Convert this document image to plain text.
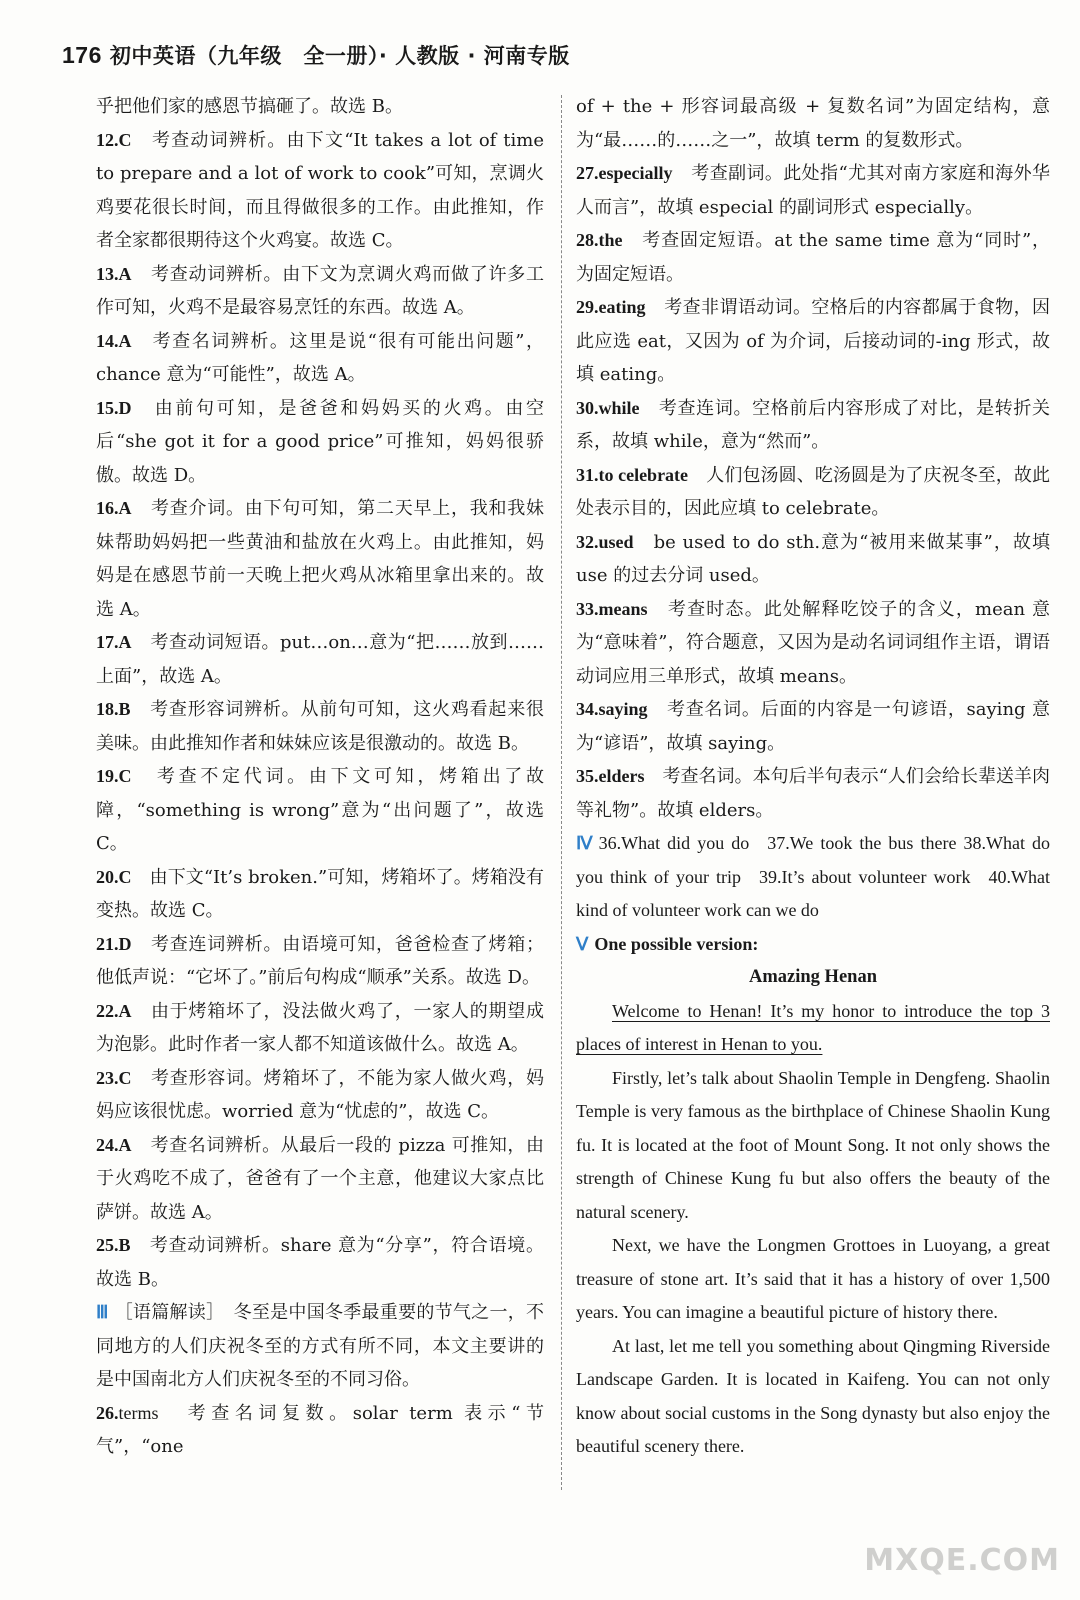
176 初中英语（九年级　全一册）· 人教版 · 河南专版
乎把他们家的感恩节搞砸了。故选 B。
12.C　 考查动词辨析。由下文“It takes a lot of time to prepare and a lot of work to cook”可知，烹调火鸡要花很长时间，而且得做很多的工作。由此推知，作者全家都很期待这个火鸡宴。故选 C。
13.A　 考查动词辨析。由下文为烹调火鸡而做了许多工作可知，火鸡不是最容易烹饪的东西。故选 A。
14.A　 考查名词辨析。这里是说“很有可能出问题”，chance 意为“可能性”，故选 A。
15.D　 由前句可知，是爸爸和妈妈买的火鸡。由空后“she got it for a good price”可推知，妈妈很骄傲。故选 D。
16.A　 考查介词。由下句可知，第二天早上，我和我妹妹帮助妈妈把一些黄油和盐放在火鸡上。由此推知，妈妈是在感恩节前一天晚上把火鸡从冰箱里拿出来的。故选 A。
17.A　 考查动词短语。put…on…意为“把……放到……上面”，故选 A。
18.B　 考查形容词辨析。从前句可知，这火鸡看起来很美味。由此推知作者和妹妹应该是很激动的。故选 B。
19.C　 考查不定代词。由下文可知，烤箱出了故障，“something is wrong”意为“出问题了”，故选 C。
20.C　 由下文“It’s broken.”可知，烤箱坏了。烤箱没有变热。故选 C。
21.D　 考查连词辨析。由语境可知，爸爸检查了烤箱；他低声说：“它坏了。”前后句构成“顺承”关系。故选 D。
22.A　 由于烤箱坏了，没法做火鸡了，一家人的期望成为泡影。此时作者一家人都不知道该做什么。故选 A。
23.C　 考查形容词。烤箱坏了，不能为家人做火鸡，妈妈应该很忧虑。worried 意为“忧虑的”，故选 C。
24.A　 考查名词辨析。从最后一段的 pizza 可推知，由于火鸡吃不成了，爸爸有了一个主意，他建议大家点比萨饼。故选 A。
25.B　 考查动词辨析。share 意为“分享”，符合语境。故选 B。
Ⅲ ［语篇解读］　冬至是中国冬季最重要的节气之一，不同地方的人们庆祝冬至的方式有所不同，本文主要讲的是中国南北方人们庆祝冬至的不同习俗。
26.terms　 考查名词复数。solar term 表示“节气”，“one
of + the + 形容词最高级 + 复数名词”为固定结构，意为“最……的……之一”，故填 term 的复数形式。
27.especially　 考查副词。此处指“尤其对南方家庭和海外华人而言”，故填 especial 的副词形式 especially。
28.the　 考查固定短语。at the same time 意为“同时”，为固定短语。
29.eating　 考查非谓语动词。空格后的内容都属于食物，因此应选 eat，又因为 of 为介词，后接动词的-ing 形式，故填 eating。
30.while　 考查连词。空格前后内容形成了对比，是转折关系，故填 while，意为“然而”。
31.to celebrate　 人们包汤圆、吃汤圆是为了庆祝冬至，故此处表示目的，因此应填 to celebrate。
32.used　 be used to do sth.意为“被用来做某事”，故填 use 的过去分词 used。
33.means　 考查时态。此处解释吃饺子的含义，mean 意为“意味着”，符合题意，又因为是动名词词组作主语，谓语动词应用三单形式，故填 means。
34.saying　 考查名词。后面的内容是一句谚语，saying 意为“谚语”，故填 saying。
35.elders　 考查名词。本句后半句表示“人们会给长辈送羊肉等礼物”。故填 elders。
Ⅳ 36.What did you do  37.We took the bus there 38.What do you think of your trip  39.It’s about volunteer work  40.What kind of volunteer work can we do
Ⅴ One possible version:
Amazing Henan

Welcome to Henan! It’s my honor to introduce the top 3 places of interest in Henan to you.

Firstly, let’s talk about Shaolin Temple in Dengfeng. Shaolin Temple is very famous as the birthplace of Chinese Shaolin Kung fu. It is located at the foot of Mount Song. It not only shows the strength of Chinese Kung fu but also offers the beauty of the natural scenery.

Next, we have the Longmen Grottoes in Luoyang, a great treasure of stone art. It’s said that it has a history of over 1,500 years. You can imagine a beautiful picture of history there.

At last, let me tell you something about Qingming Riverside Landscape Garden. It is located in Kaifeng. You can not only know about social customs in the Song dynasty but also enjoy the beautiful scenery there.

MXQE.COM
